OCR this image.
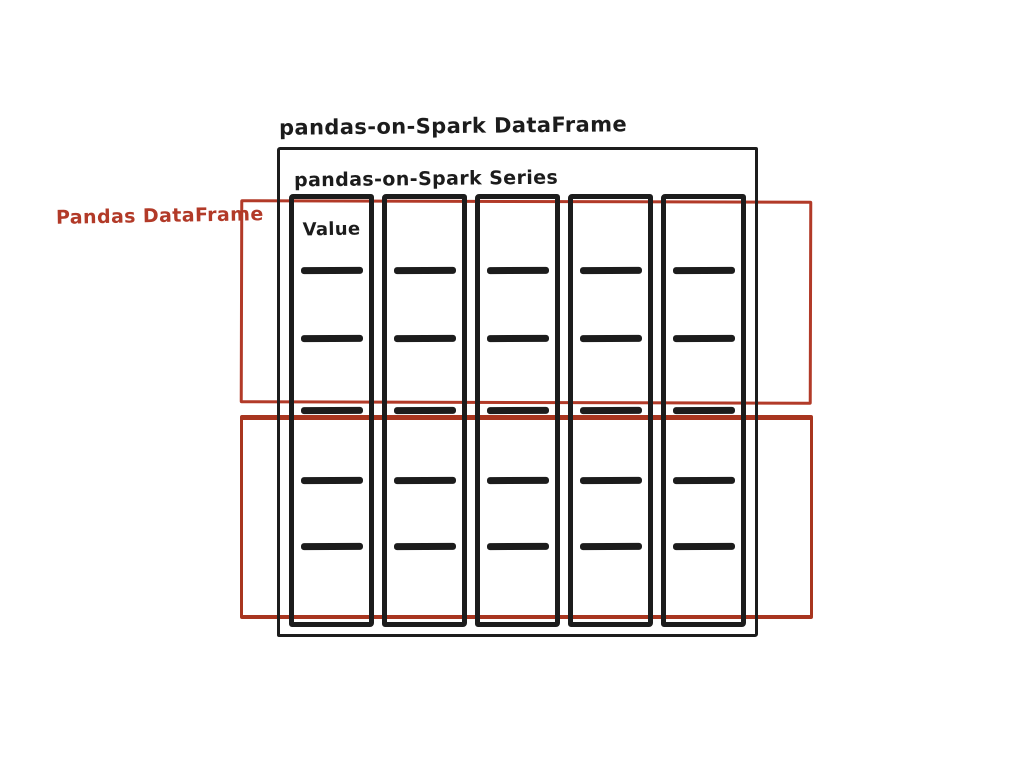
pandas-on-Spark DataFrame
Pandas DataFrame
pandas-on-Spark Series
Value
